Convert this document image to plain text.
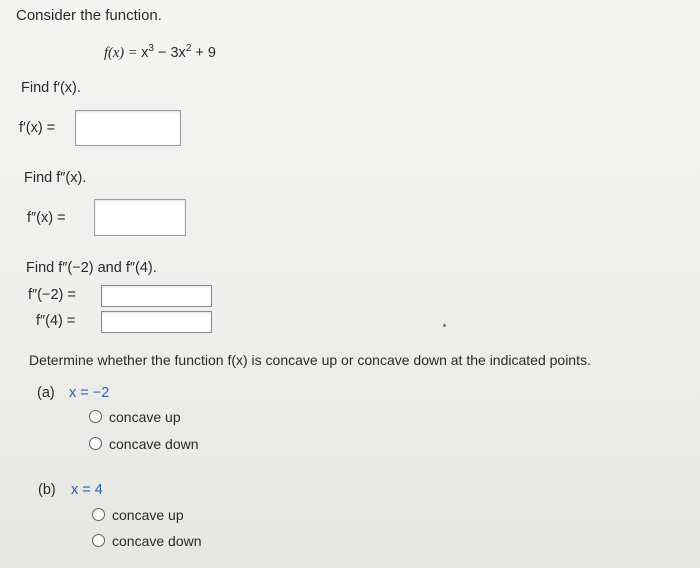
Consider the function.
$f(x) = x^3 - 3x^2 + 9$
Find f′(x).
f′(x) =
Find f″(x).
f″(x) =
Find f″(−2) and f″(4).
f″(−2) =
f″(4) =
Determine whether the function f(x) is concave up or concave down at the indicated points.
(a) x = −2
concave up
concave down
(b) x = 4
concave up
concave down
